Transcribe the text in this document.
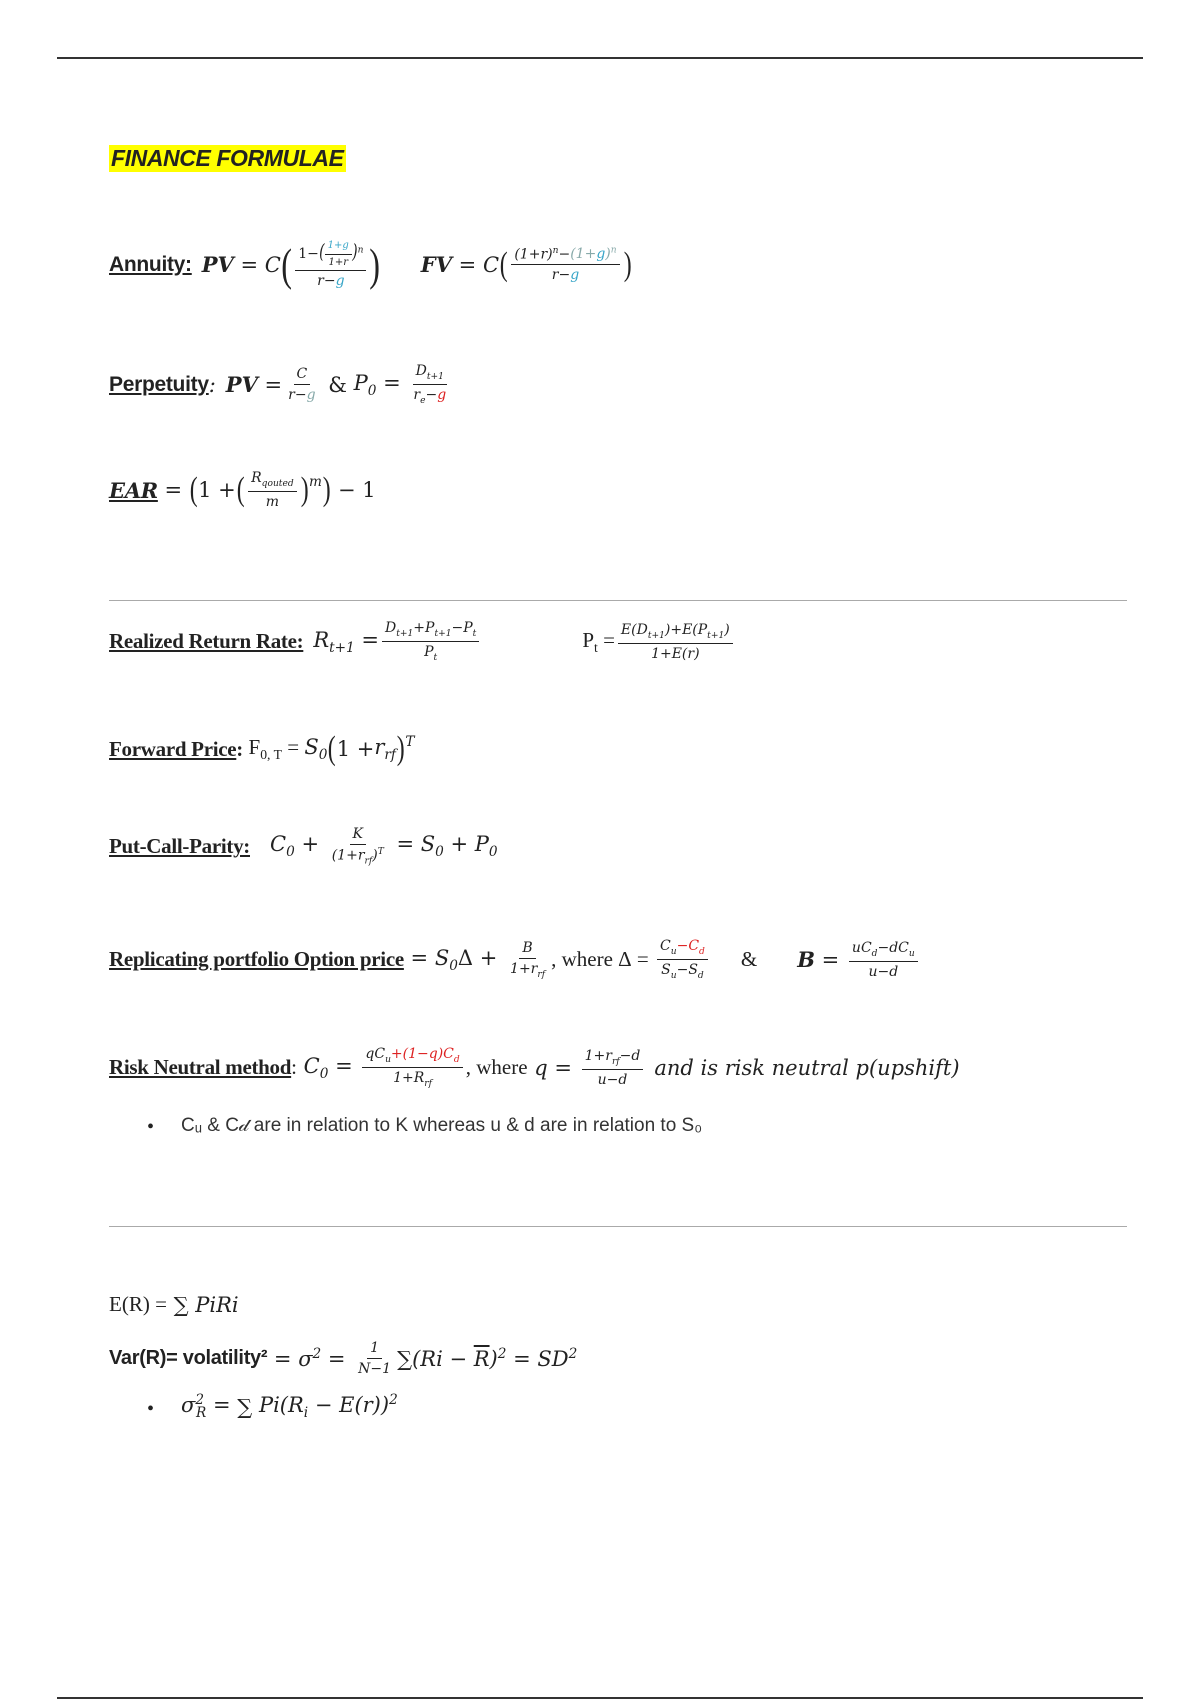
FINANCE FORMULAE
Annuity: PV = C ( $\frac{1-( \frac{1+g}{1+r} )^n}{r-g}$ ) FV = C ( $\frac{(1+r)^n-(1+g)^n}{r-g}$ )
Perpetuity : PV = $\frac{C}{r-g}$ & $P_0 = \frac{D_{t+1}}{r_e-g}$
EAR = ( 1 + ( $\frac{R_{qouted}}{m} )^m$ ) − 1
Realized Return Rate: $R_{t+1} = \frac{D_{t+1}+P_{t+1}-P_t}{P_t}$	$P_t = \frac{E(D_{t+1})+E(P_{t+1})}{1+E(r)}$
Forward Price : $F_{0, T} = S_0$ ( $1 + r_{rf}$ )$^T$
Put-Call-Parity: $C_0 + \frac{K}{(1+r_{rf})^T} = S_0 + P_0$
Replicating portfolio Option price = $S_0\Delta + \frac{B}{1+r_{rf}}$ , where $\Delta = \frac{C_u-C_d}{S_u-S_d}$ & $B = \frac{uC_d-dC_u}{u-d}$
Risk Neutral method : $C_0 = \frac{qC_u+(1-q)C_d}{1+R_{rf}}$ , where $q = \frac{1+r_{rf}-d}{u-d}$ and is risk neutral p(upshift)
• Cᵤ & C𝒹 are in relation to K whereas u & d are in relation to S₀
E(R) = ∑ PiRi
Var(R)= volatility² = $\sigma^2 = \frac{1}{N-1}$ ∑ $(Ri - \overline{R})^2 = SD^2$
• $\sigma^2_R$ = ∑ $Pi(R_i - E(r))^2$
